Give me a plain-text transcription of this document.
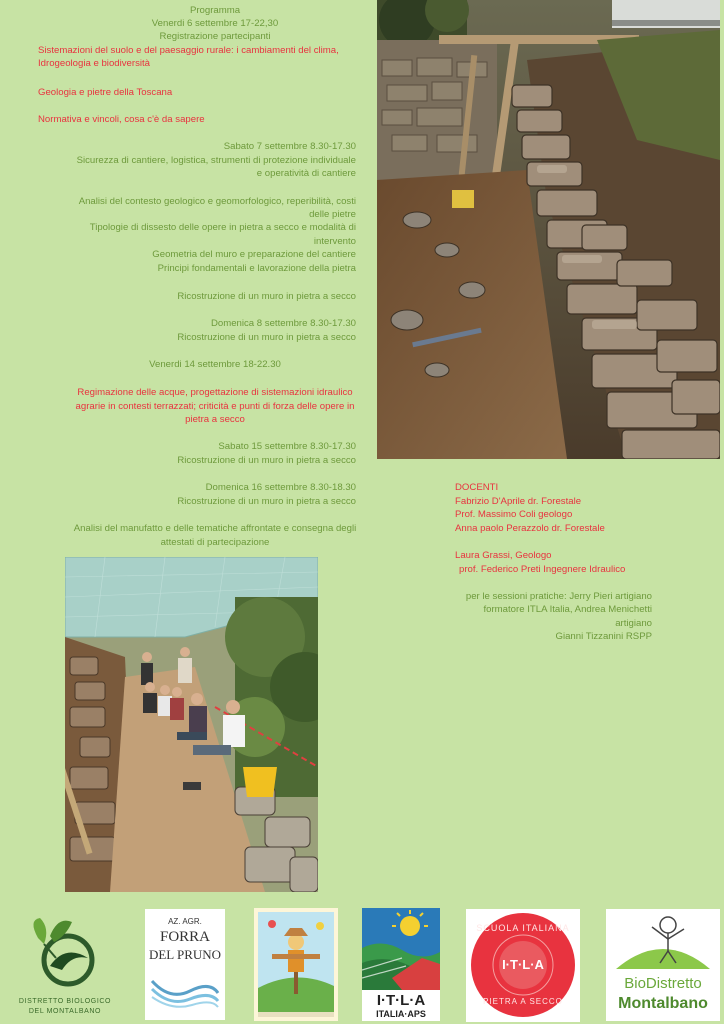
Programma
Venerdi 6 settembre 17-22,30
Registrazione partecipanti
Sistemazioni del suolo e del paesaggio rurale: i cambiamenti del clima,
Idrogeologia e biodiversità
Geologia e pietre della Toscana
Normativa e vincoli, cosa c'è da sapere
Sabato 7 settembre 8.30-17.30
Sicurezza di cantiere, logistica, strumenti di protezione individuale
e operatività di cantiere
Analisi del contesto geologico e geomorfologico, reperibilità, costi
delle pietre
Tipologie di dissesto delle opere in pietra a secco e modalità di
intervento
Geometria del muro e preparazione del cantiere
Principi fondamentali e lavorazione della pietra
Ricostruzione di un muro in pietra a secco
Domenica 8 settembre 8.30-17.30
Ricostruzione di un muro in pietra a secco
Venerdi 14 settembre 18-22.30
Regimazione delle acque, progettazione di sistemazioni idraulico
agrarie in contesti terrazzati; criticità e punti di forza delle opere in
pietra a secco
Sabato 15 settembre 8.30-17.30
Ricostruzione di un muro in pietra a secco
Domenica 16 settembre 8.30-18.30
Ricostruzione di un muro in pietra a secco
Analisi del manufatto e delle tematiche affrontate e consegna degli
attestati di partecipazione
DOCENTI
Fabrizio D'Aprile dr. Forestale
Prof. Massimo Coli geologo
Anna paolo Perazzolo dr. Forestale
Laura Grassi, Geologo
prof. Federico Preti Ingegnere Idraulico
per le sessioni pratiche: Jerry Pieri artigiano
formatore ITLA Italia, Andrea Menichetti
artigiano
Gianni Tizzanini RSPP
DISTRETTO BIOLOGICO
DEL MONTALBANO
AZ. AGR.
FORRA
DEL PRUNO
I·T·L·A
ITALIA·APS
SCUOLA ITALIANA
I·T·L·A
PIETRA A SECCO
BioDistretto
Montalbano
